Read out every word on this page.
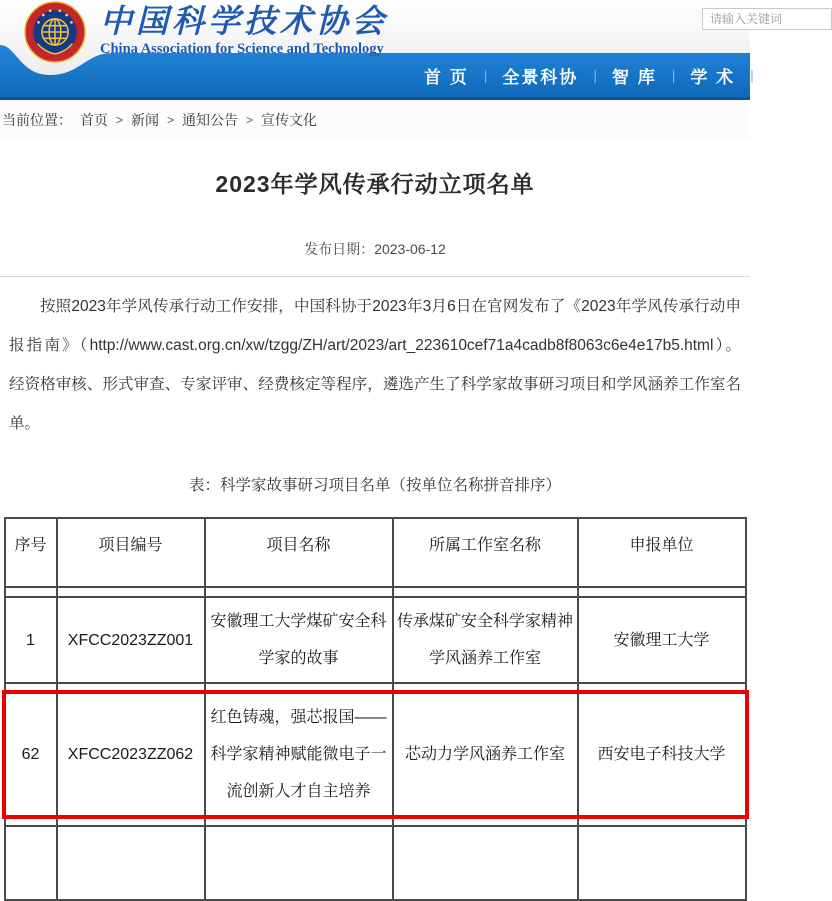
中国科学技术协会
China Association for Science and Technology
请输入关键词
首 页 | 全景科协 | 智 库 | 学 术 | 科 普
当前位置： 首页 > 新闻 > 通知公告 > 宣传文化
2023年学风传承行动立项名单
发布日期：2023-06-12

按照2023年学风传承行动工作安排，中国科协于2023年3月6日在官网发布了《2023年学风传承行动申报指南》（http://www.cast.org.cn/xw/tzgg/ZH/art/2023/art_223610cef71a4cadb8f8063c6e4e17b5.html）。经资格审核、形式审查、专家评审、经费核定等程序，遴选产生了科学家故事研习项目和学风涵养工作室名单。

表：科学家故事研习项目名单（按单位名称拼音排序）
序号	项目编号	项目名称	所属工作室名称	申报单位

1	XFCC2023ZZ001	安徽理工大学煤矿安全科学家的故事	传承煤矿安全科学家精神学风涵养工作室	安徽理工大学

62	XFCC2023ZZ062	红色铸魂，强芯报国——科学家精神赋能微电子一流创新人才自主培养	芯动力学风涵养工作室	西安电子科技大学
